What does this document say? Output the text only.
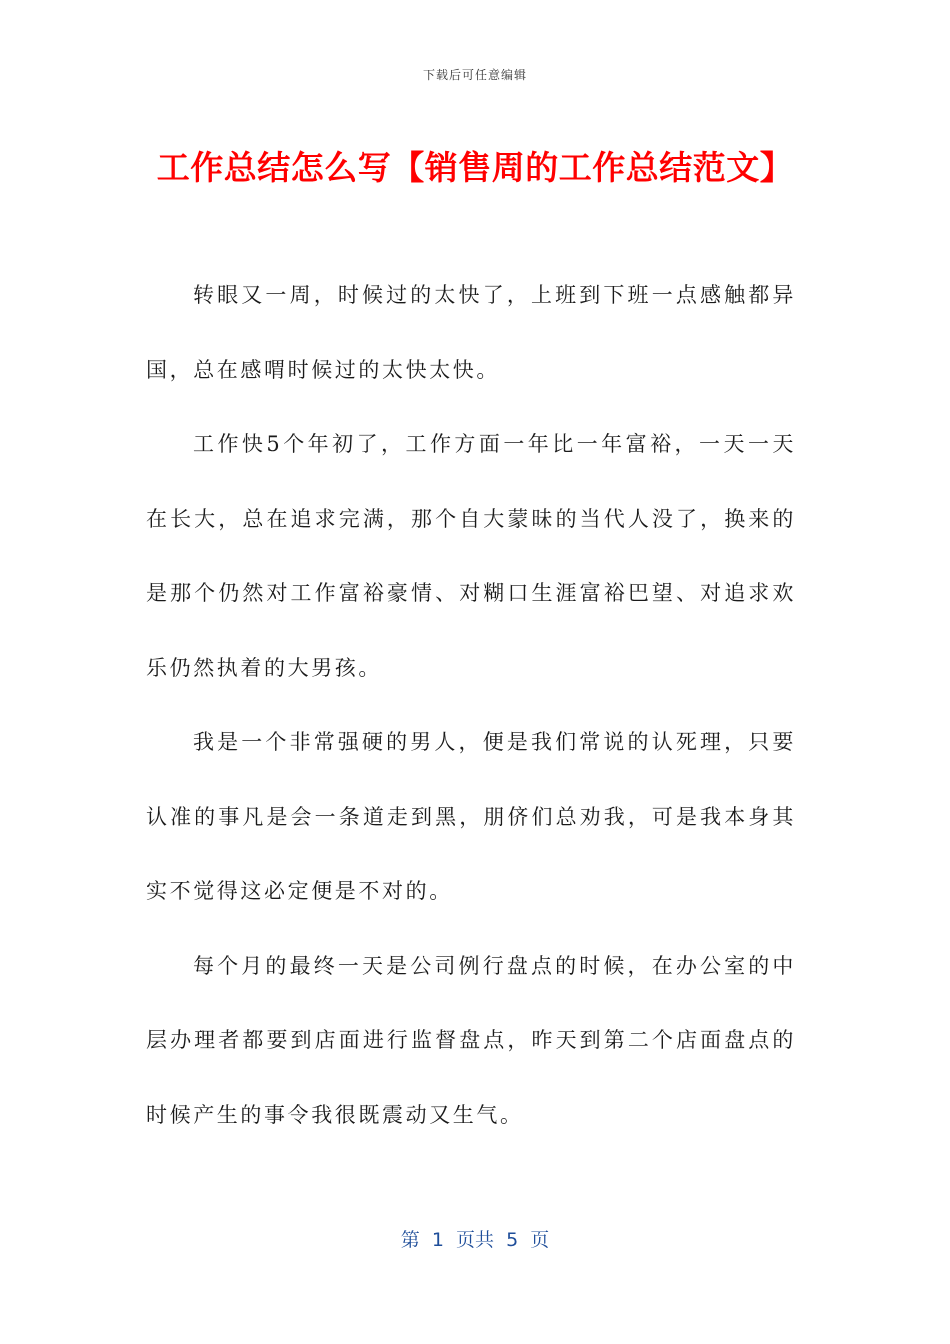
下载后可任意编辑
工作总结怎么写【销售周的工作总结范文】

转眼又一周，时候过的太快了，上班到下班一点感触都异国，总在感喟时候过的太快太快。

工作快5个年初了，工作方面一年比一年富裕，一天一天在长大，总在追求完满，那个自大蒙昧的当代人没了，换来的是那个仍然对工作富裕豪情、对糊口生涯富裕巴望、对追求欢乐仍然执着的大男孩。

我是一个非常强硬的男人，便是我们常说的认死理，只要认准的事凡是会一条道走到黑，朋侪们总劝我，可是我本身其实不觉得这必定便是不对的。

每个月的最终一天是公司例行盘点的时候，在办公室的中层办理者都要到店面进行监督盘点，昨天到第二个店面盘点的时候产生的事令我很既震动又生气。

第  1  页共  5  页
